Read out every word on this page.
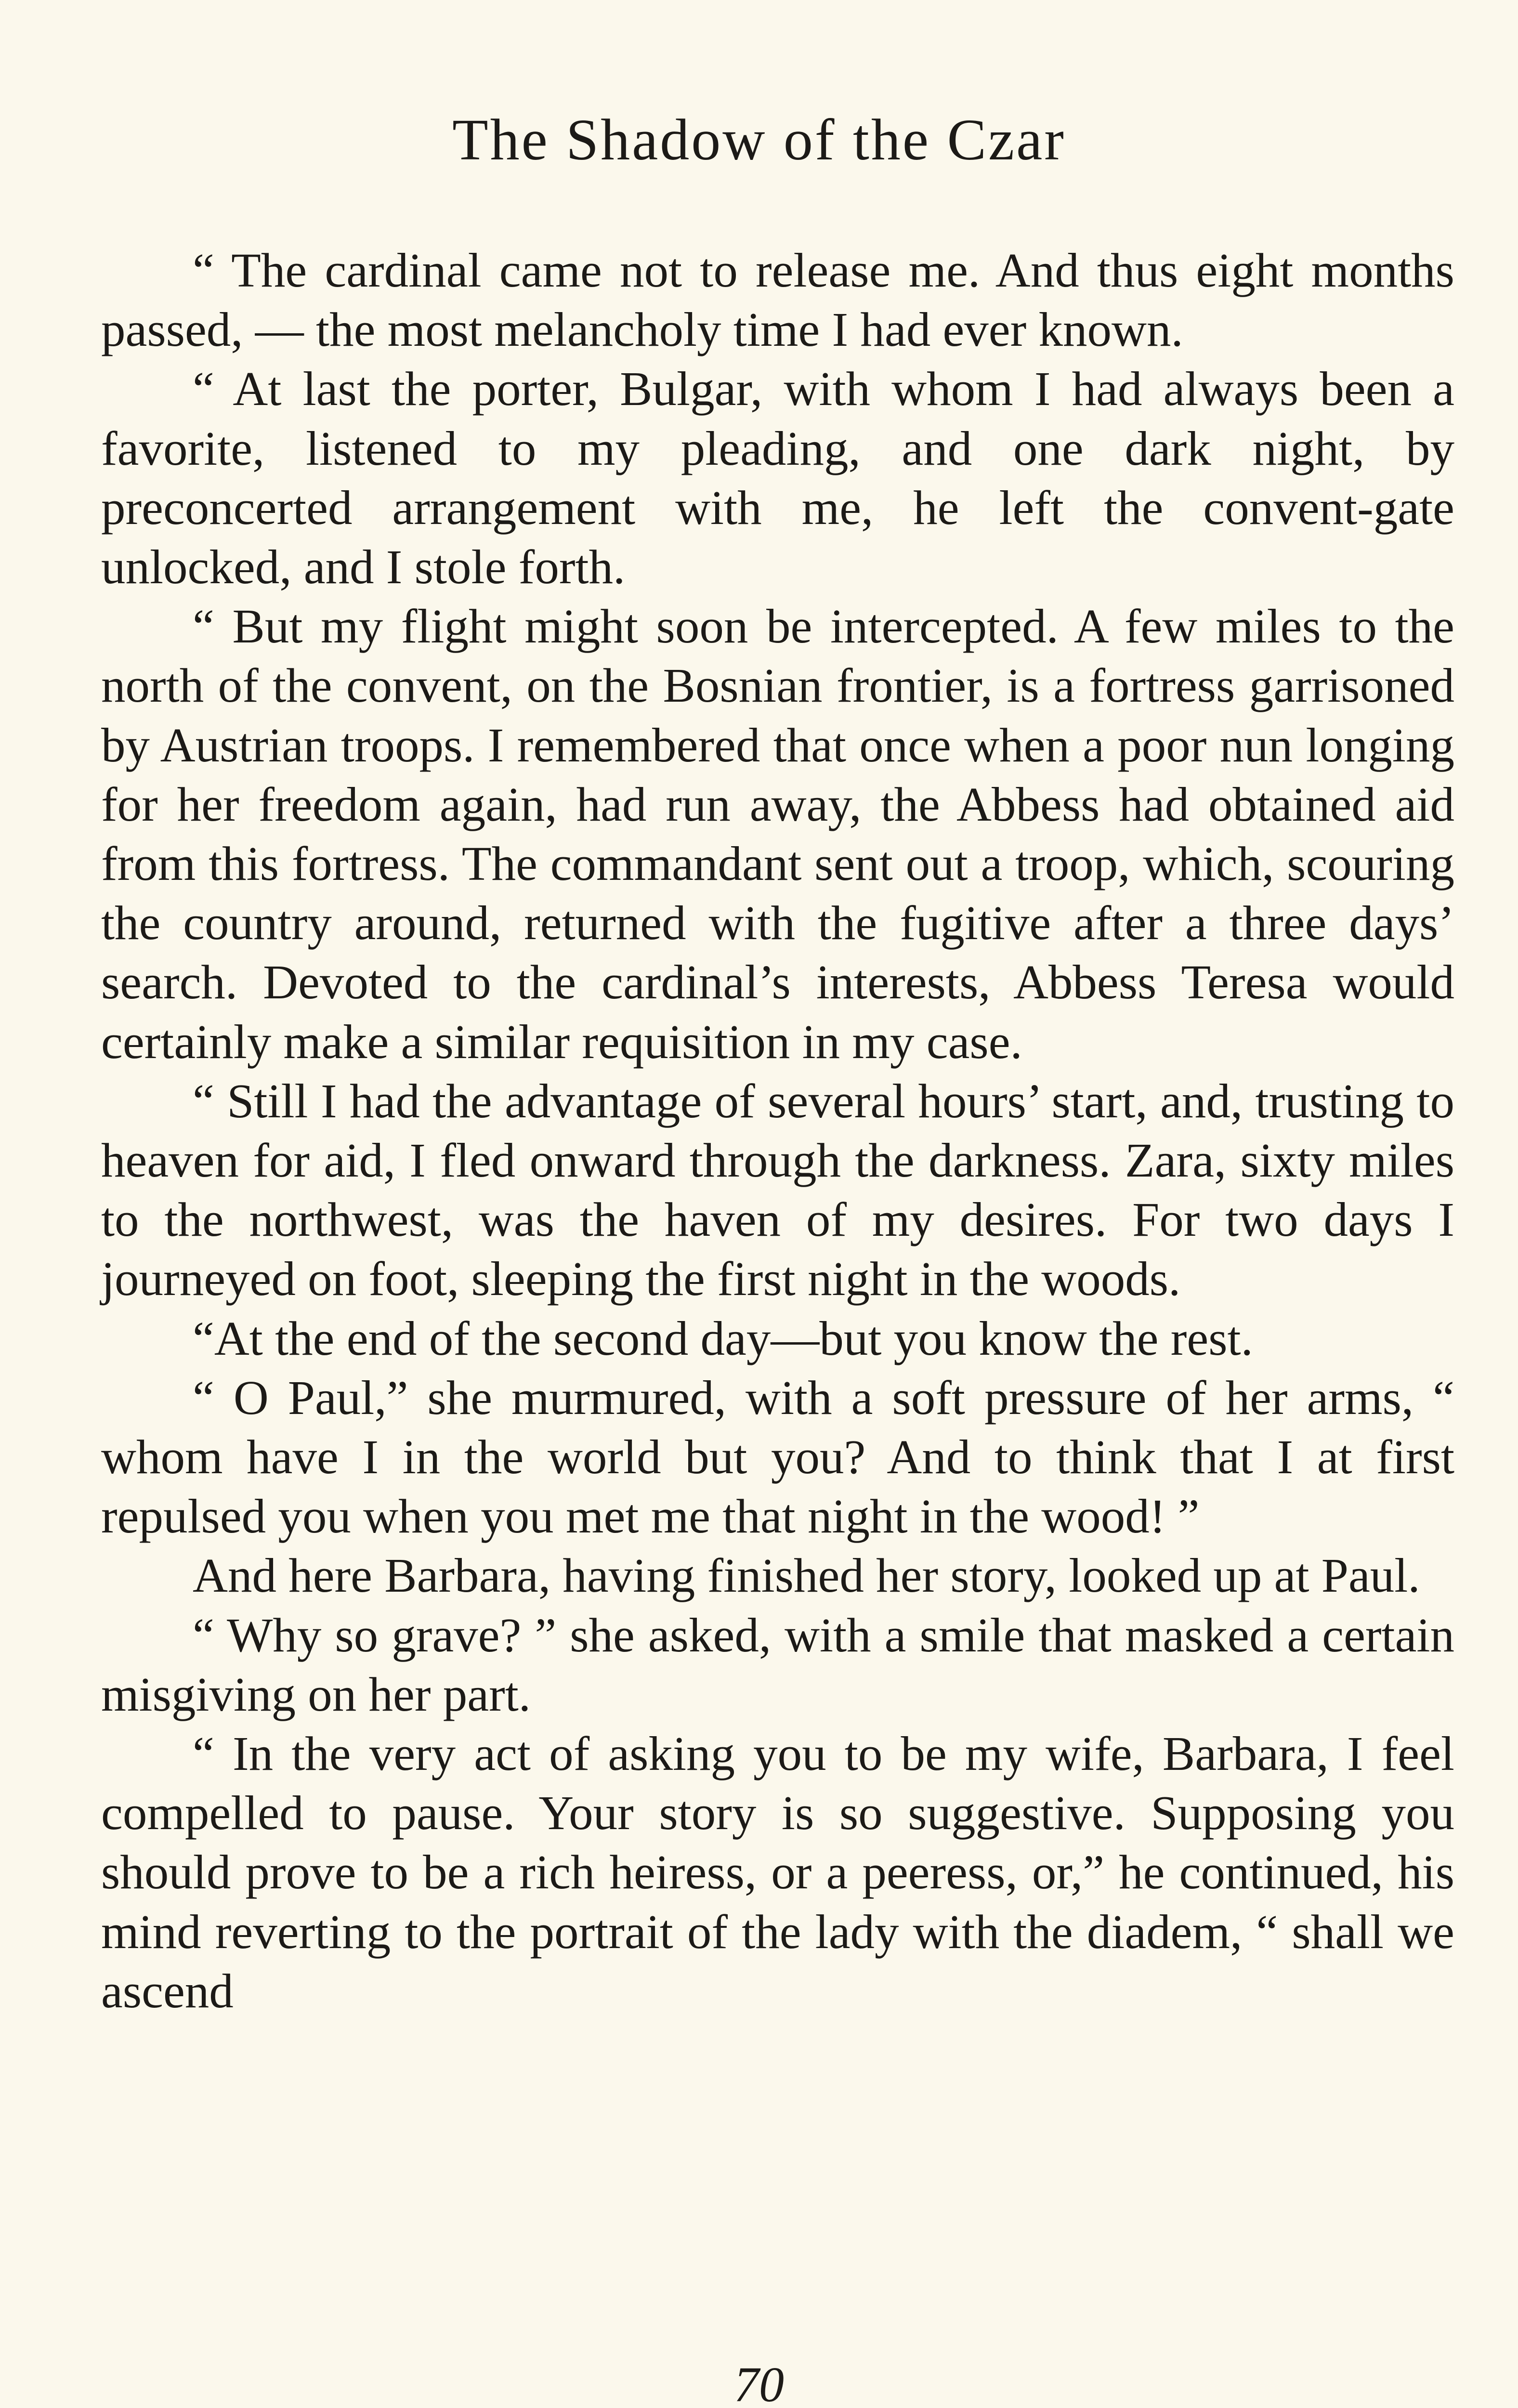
The Shadow of the Czar

“ The cardinal came not to release me. And thus eight months passed, — the most melancholy time I had ever known.

“ At last the porter, Bulgar, with whom I had always been a favorite, listened to my pleading, and one dark night, by preconcerted arrangement with me, he left the convent-gate unlocked, and I stole forth.

“ But my flight might soon be intercepted. A few miles to the north of the convent, on the Bosnian frontier, is a fortress garrisoned by Austrian troops. I remembered that once when a poor nun longing for her freedom again, had run away, the Abbess had obtained aid from this fortress. The commandant sent out a troop, which, scouring the country around, returned with the fugitive after a three days’ search. Devoted to the cardinal’s interests, Abbess Teresa would certainly make a similar requisition in my case.

“ Still I had the advantage of several hours’ start, and, trusting to heaven for aid, I fled onward through the darkness. Zara, sixty miles to the northwest, was the haven of my desires. For two days I journeyed on foot, sleeping the first night in the woods.

“At the end of the second day—but you know the rest.

“ O Paul,” she murmured, with a soft pressure of her arms, “ whom have I in the world but you? And to think that I at first repulsed you when you met me that night in the wood! ”

And here Barbara, having finished her story, looked up at Paul.

“ Why so grave? ” she asked, with a smile that masked a certain misgiving on her part.

“ In the very act of asking you to be my wife, Barbara, I feel compelled to pause. Your story is so suggestive. Supposing you should prove to be a rich heiress, or a peeress, or,” he continued, his mind reverting to the portrait of the lady with the diadem, “ shall we ascend

70
